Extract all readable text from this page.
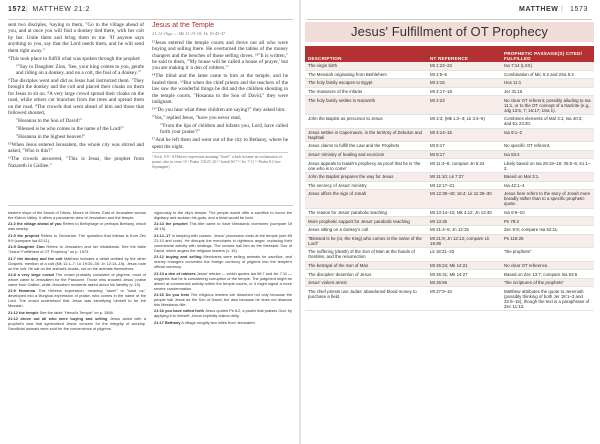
1572| MATTHEW 21:2	MATTHEW | 1573

sent two disciples, ²saying to them, "Go to the village ahead of you, and at once you will find a donkey tied there, with her colt by her. Untie them and bring them to me. ³If anyone says anything to you, say that the Lord needs them, and he will send them right away."

⁴This took place to fulfill what was spoken through the prophet:

⁵"Say to Daughter Zion, 'See, your king comes to you, gentle and riding on a donkey, and on a colt, the foal of a donkey.'"

⁶The disciples went and did as Jesus had instructed them. ⁷They brought the donkey and the colt and placed their cloaks on them for Jesus to sit on. ⁸A very large crowd spread their cloaks on the road, while others cut branches from the trees and spread them on the road. ⁹The crowds that went ahead of him and those that followed shouted,

"Hosanna to the Son of David!"

"Blessed is he who comes in the name of the Lord!"

"Hosanna in the highest heaven!"

¹⁰When Jesus entered Jerusalem, the whole city was stirred and asked, "Who is this?"

¹¹The crowds answered, "This is Jesus, the prophet from Nazareth in Galilee."

Jesus at the Temple
21:12-16pp — Mk 11:15-18; Lk 19:45-47

¹²Jesus entered the temple courts and drove out all who were buying and selling there. He overturned the tables of the money changers and the benches of those selling doves. ¹³"It is written," he said to them, "'My house will be called a house of prayer,' but you are making it 'a den of robbers.'"

¹⁴The blind and the lame came to him at the temple, and he healed them. ¹⁵But when the chief priests and the teachers of the law saw the wonderful things he did and the children shouting in the temple courts, "Hosanna to the Son of David," they were indignant.

¹⁶"Do you hear what these children are saying?" they asked him.

"Yes," replied Jesus, "have you never read,

"'From the lips of children and infants you, Lord, have called forth your praise'?"

¹⁷And he left them and went out of the city to Bethany, where he spent the night.

⁵ Zech. 9:9 ⁹ A Hebrew expression meaning "Save!" which became an exclamation of praise; also in verse 15 ⁹ Psalm 118:25, 26 ¹³ Isaiah 56:7 ¹³ Jer. 7:11 ¹⁶ Psalm 8:2 (see Septuagint)

eastern slope of the Mount of Olives. Mount of Olives. East of Jerusalem across the Kidron Valley. It offers a panoramic view of Jerusalem and the temple.

21:2 the village ahead of you Refers to Bethphage or perhaps Bethany, which was nearby.

21:5 the prophet Refers to Zechariah. The quotation that follows is from Zec 9:9 (compare Isa 62:11).

21:5 Daughter Zion Refers to Jerusalem and her inhabitants. See the table "Jesus' Fulfillment of OT Prophecy" on p. 1573.

21:7 the donkey and the colt Matthew includes a detail omitted by the other Gospels: mention of a colt (Mk 11:1–7; Lk 19:30–35; Jn 12:14–15). Jesus rode on the colt. He sat on the animal's cloaks, not on the animals themselves.

21:8 a very large crowd The crowd probably consisted of pilgrims, most of whom came to Jerusalem for the Passover. Those who shouted Jesus' praise came from Galilee, while Jerusalem residents asked about his identity (v. 10).

21:9 Hosanna This Hebrew expression, meaning "save!" or "save us," developed into a liturgical expression of praise, who comes in the name of the Lord. The crowd understood that Jesus was identifying himself to be the Messiah.

21:12 the temple See the table "Herod's Temple" on p. 1568.

21:12 drove out all who were buying and selling Jesus acted with a prophet's zeal that symbolized Jesus' concern for the integrity of worship. Sacrificial animals were sold for the convenience of pilgrims.

vigorously to the city's temple. The people would offer a sacrifice to honor the dignitary and acclaim his gods, and a feast would be held.

21:13 the prophet This title came to have Messianic overtones (compare Dt 18:15).

21:12–17 In keeping with custom, Jesus' procession ends at the temple (see Mt 21:10 and note). He disrupts the merchants in righteous anger, replacing their commercial activity with healings. The crowds hail him as the Messiah: Son of David, which angers the religious leaders (v. 15).

21:12 buying and selling Merchants were selling animals for sacrifice, and money changers converted the foreign currency of pilgrims into the temple's official currency.

21:13 a den of robbers Jesus' rebuke — which quotes Isa 56:7 and Jer 7:11 — suggests that he is considering corruption of the temple. The judgment might be aimed at commercial activity within the temple courts, or it might signal a more severe condemnation.

21:16 Do you hear The religious leaders are disturbed not only because the people hail Jesus as the Son of David, but also because he does not disavow this Messianic title.

21:16 you have called forth Jesus quotes Ps 8:2, a psalm that praises God; by applying it to himself, Jesus implicitly claims deity.

21:17 Bethany A village roughly two miles from Jerusalem.

Jesus' Fulfillment of OT Prophecy
DESCRIPTION	NT REFERENCE	PROPHETIC PASSAGE(S) CITED/ FULFILLED
The virgin birth	Mt 1:22–23	Isa 7:14 (LXX)
The Messiah originating from Bethlehem	Mt 2:5–6	Combination of Mic 5:2 and 2Sa 5:2
The holy family escapes to Egypt	Mt 2:15	Hos 11:1
The massacre of the infants	Mt 2:17–18	Jer 31:15
The holy family settles in Nazareth	Mt 2:23	No clear OT referent; possibly alluding to Isa 11:1, or to the OT concept of a Nazirite (e.g., Jdg 13:5, 7; 16:17; 1Sa 1).
John the Baptist as precursor to Jesus	Mt 3:3; (Mk 1:2–3; Lk 3:4–6)	Combines elements of Mal 3:1; Isa 40:3; and Ex 23:20.
Jesus settles in Capernaum, in the territory of Zebulun and Naphtali	Mt 4:14–16	Isa 9:1–2
Jesus claims to fulfill the Law and the Prophets	Mt 5:17	No specific OT referent.
Jesus' ministry of healing and exorcism	Mt 8:17	Isa 53:4
Jesus appeals to Isaiah's prophecy as proof that he is 'the one who is to come'	Mt 11:4–6; compare Jn 5:24	Likely based on Isa 29:18–19; 35:5–6; 61:1–2.
John the Baptist prepares the way for Jesus	Mt 11:10; Lk 7:27	Based on Mal 3:1.
The secrecy of Jesus' ministry	Mt 12:17–21	Isa 42:1–4
Jesus offers the sign of Jonah	Mt 12:39–40; 16:4; Lk 11:29–30	Jesus here refers to the story of Jonah more broadly rather than to a specific prophetic quote.
The reason for Jesus' parabolic teaching	Mt 13:14–15; Mk 4:12; Jn 12:40	Isa 6:9–10
More prophetic support for Jesus' parabolic teaching	Mt 13:35	Ps 78:2
Jesus sitting on a donkey's colt	Mt 21:4–5; Jn 12:15	Zec 9:9; compare Isa 62:11.
"Blessed is he (or, the King) who comes in the name of the Lord"	Mt 21:9; Jn 12:13; compare Lk 19:38	Ps 118:26
The suffering (death) of the Son of Man at the hands of Gentiles, and the resurrection	Lk 18:31–33	"the prophets"
The betrayal of the Son of Man	Mt 26:24; Mk 14:21	No clear OT reference.
The disciples' desertion of Jesus	Mt 26:31; Mk 14:27	Based on Zec 13:7; compare Isa 53:6
Jesus' violent arrest	Mt 26:56	"the scriptures of the prophets"
The chief priests use Judas' abandoned blood money to purchase a field.	Mt 27:9–10	Matthew attributes the quote to Jeremiah (possibly thinking of both Jer 18:1–3 and 32:6–15), though the text is a paraphrase of Zec 11:13.
